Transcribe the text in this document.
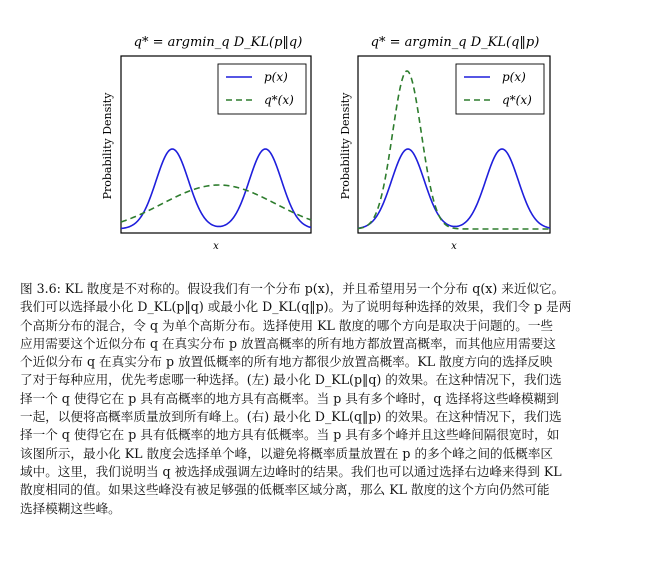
q* = argmin_q D_KL(p‖q)
Probability Density
x
p(x)
q*(x)
q* = argmin_q D_KL(q‖p)
Probability Density
x
p(x)
q*(x)
图 3.6: KL 散度是不对称的。假设我们有一个分布 p(x)，并且希望用另一个分布 q(x) 来近似它。
我们可以选择最小化 D_KL(p‖q) 或最小化 D_KL(q‖p)。为了说明每种选择的效果，我们令 p 是两
个高斯分布的混合，令 q 为单个高斯分布。选择使用 KL 散度的哪个方向是取决于问题的。一些
应用需要这个近似分布 q 在真实分布 p 放置高概率的所有地方都放置高概率，而其他应用需要这
个近似分布 q 在真实分布 p 放置低概率的所有地方都很少放置高概率。KL 散度方向的选择反映
了对于每种应用，优先考虑哪一种选择。(左) 最小化 D_KL(p‖q) 的效果。在这种情况下，我们选
择一个 q 使得它在 p 具有高概率的地方具有高概率。当 p 具有多个峰时，q 选择将这些峰模糊到
一起，以便将高概率质量放到所有峰上。(右) 最小化 D_KL(q‖p) 的效果。在这种情况下，我们选
择一个 q 使得它在 p 具有低概率的地方具有低概率。当 p 具有多个峰并且这些峰间隔很宽时，如
该图所示，最小化 KL 散度会选择单个峰，以避免将概率质量放置在 p 的多个峰之间的低概率区
域中。这里，我们说明当 q 被选择成强调左边峰时的结果。我们也可以通过选择右边峰来得到 KL
散度相同的值。如果这些峰没有被足够强的低概率区域分离，那么 KL 散度的这个方向仍然可能
选择模糊这些峰。
